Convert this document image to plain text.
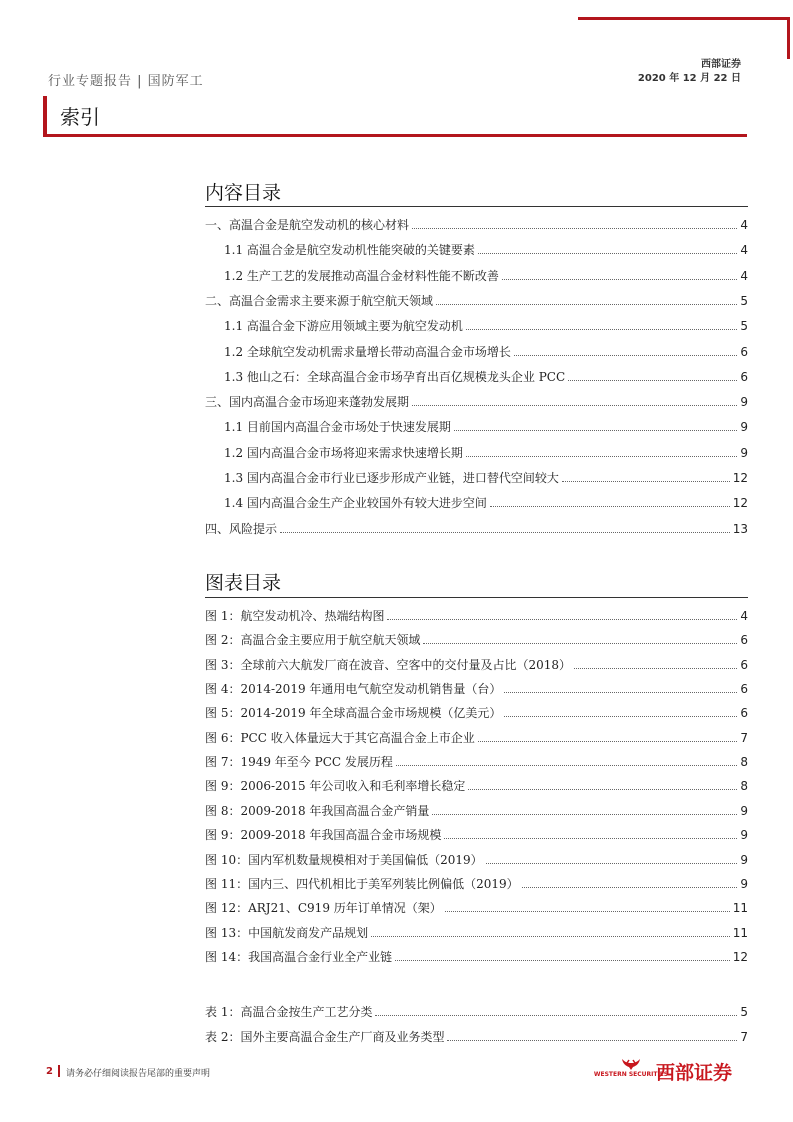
行业专题报告 | 国防军工
西部证券
2020 年 12 月 22 日
索引
内容目录
一、高温合金是航空发动机的核心材料	4
1.1 高温合金是航空发动机性能突破的关键要素	4
1.2 生产工艺的发展推动高温合金材料性能不断改善	4
二、高温合金需求主要来源于航空航天领域	5
1.1 高温合金下游应用领域主要为航空发动机	5
1.2 全球航空发动机需求量增长带动高温合金市场增长	6
1.3 他山之石：全球高温合金市场孕育出百亿规模龙头企业 PCC	6
三、国内高温合金市场迎来蓬勃发展期	9
1.1 目前国内高温合金市场处于快速发展期	9
1.2 国内高温合金市场将迎来需求快速增长期	9
1.3 国内高温合金市行业已逐步形成产业链，进口替代空间较大	12
1.4 国内高温合金生产企业较国外有较大进步空间	12
四、风险提示	13
图表目录
图 1：航空发动机冷、热端结构图	4
图 2：高温合金主要应用于航空航天领域	6
图 3：全球前六大航发厂商在波音、空客中的交付量及占比（2018）	6
图 4：2014-2019 年通用电气航空发动机销售量（台）	6
图 5：2014-2019 年全球高温合金市场规模（亿美元）	6
图 6：PCC 收入体量远大于其它高温合金上市企业	7
图 7：1949 年至今 PCC 发展历程	8
图 9：2006-2015 年公司收入和毛利率增长稳定	8
图 8：2009-2018 年我国高温合金产销量	9
图 9：2009-2018 年我国高温合金市场规模	9
图 10：国内军机数量规模相对于美国偏低（2019）	9
图 11：国内三、四代机相比于美军列装比例偏低（2019）	9
图 12：ARJ21、C919 历年订单情况（架）	11
图 13：中国航发商发产品规划	11
图 14：我国高温合金行业全产业链	12
表 1：高温合金按生产工艺分类	5
表 2：国外主要高温合金生产厂商及业务类型	7
2 请务必仔细阅读报告尾部的重要声明	WESTERN SECURITIES
西部证券
